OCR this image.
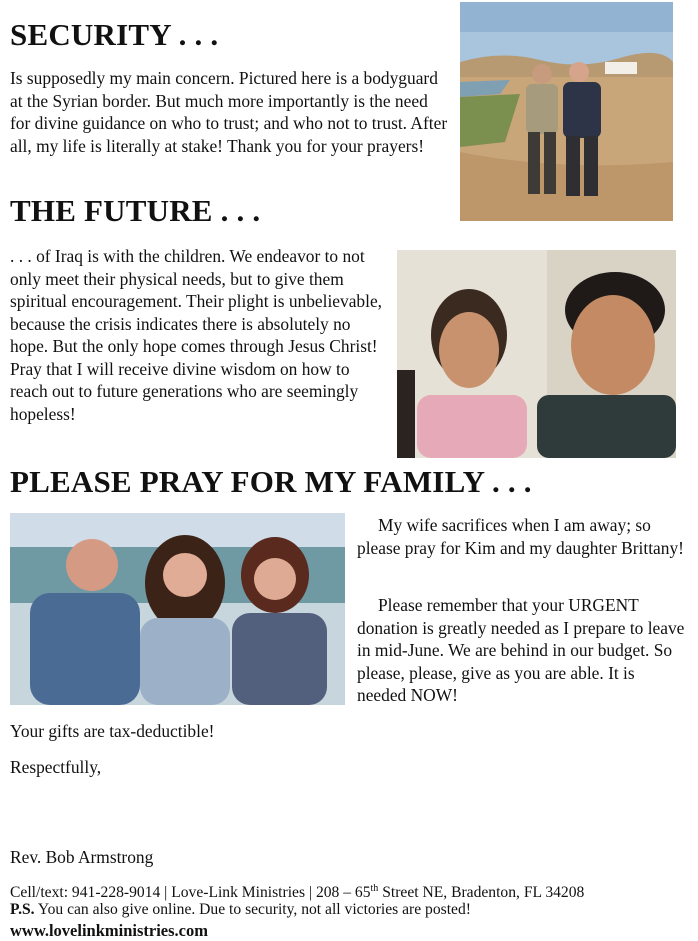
SECURITY . . .

Is supposedly my main concern. Pictured here is a bodyguard at the Syrian border. But much more importantly is the need for divine guidance on who to trust; and who not to trust. After all, my life is literally at stake! Thank you for your prayers!

THE FUTURE . . .

. . . of Iraq is with the children. We endeavor to not only meet their physical needs, but to give them spiritual encouragement. Their plight is unbelievable, because the crisis indicates there is absolutely no hope. But the only hope comes through Jesus Christ! Pray that I will receive divine wisdom on how to reach out to future generations who are seemingly hopeless!

PLEASE PRAY FOR MY FAMILY . . .

My wife sacrifices when I am away; so please pray for Kim and my daughter Brittany!

Please remember that your URGENT donation is greatly needed as I prepare to leave in mid-June. We are behind in our budget. So please, please, give as you are able. It is needed NOW!

Your gifts are tax-deductible!
Respectfully,
Rev. Bob Armstrong
Cell/text: 941-228-9014 | Love-Link Ministries | 208 – 65th Street NE, Bradenton, FL 34208
P.S. You can also give online. Due to security, not all victories are posted!
www.lovelinkministries.com
